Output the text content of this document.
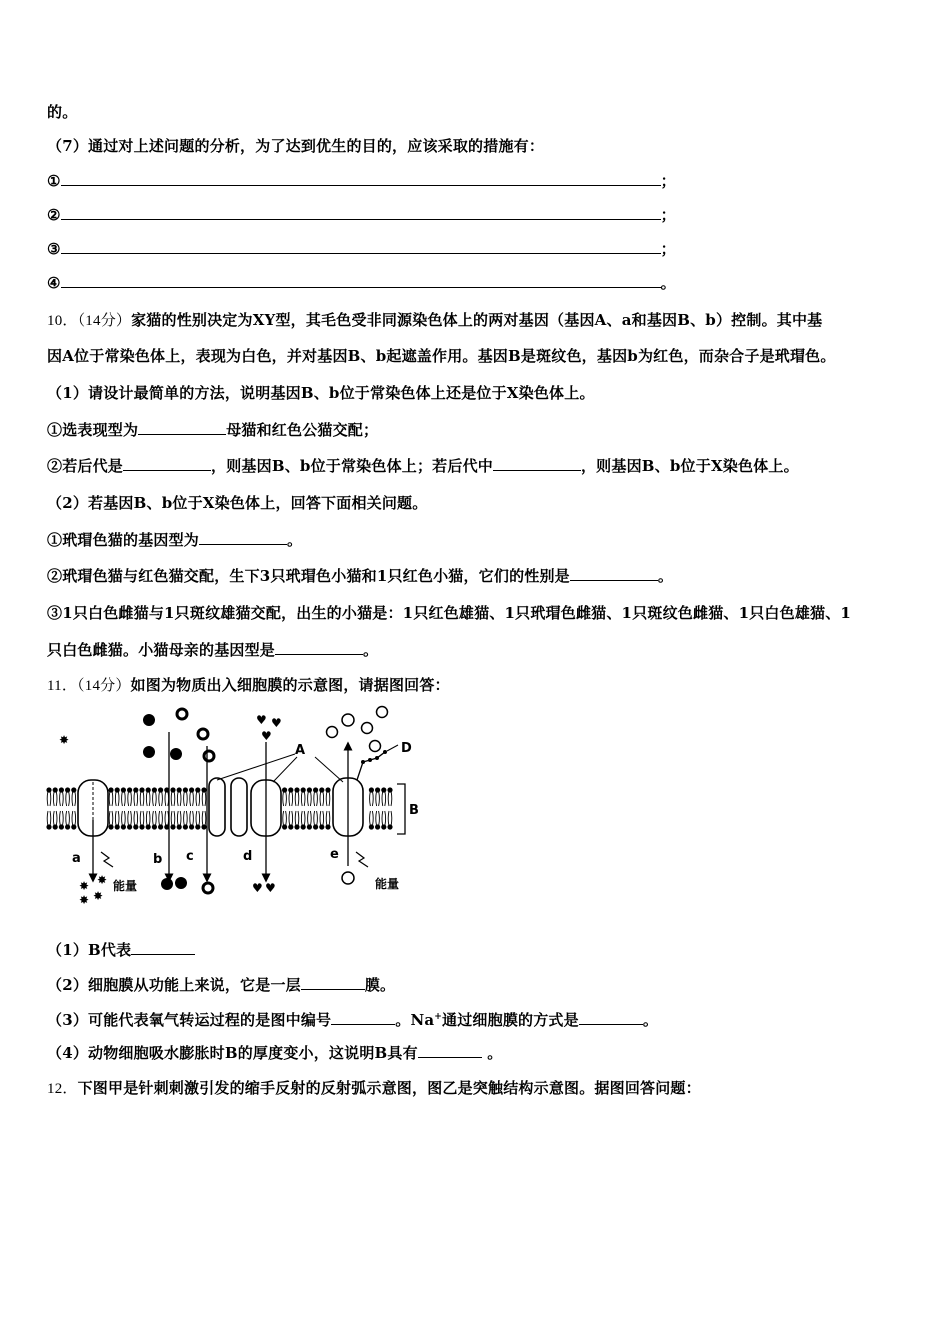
的。
（7）通过对上述问题的分析，为了达到优生的目的，应该采取的措施有：
①	；
②	；
③	；
④	。
10．（14分）家猫的性别决定为XY型，其毛色受非同源染色体上的两对基因（基因A、a和基因B、b）控制。其中基
因A位于常染色体上，表现为白色，并对基因B、b起遮盖作用。基因B是斑纹色，基因b为红色，而杂合子是玳瑁色。
（1）请设计最简单的方法，说明基因B、b位于常染色体上还是位于X染色体上。
①选表现型为	母猫和红色公猫交配；
②若后代是	，则基因B、b位于常染色体上；若后代中	，则基因B、b位于X染色体上。
（2）若基因B、b位于X染色体上，回答下面相关问题。
①玳瑁色猫的基因型为	。
②玳瑁色猫与红色猫交配，生下3只玳瑁色小猫和1只红色小猫，它们的性别是	。
③1只白色雌猫与1只斑纹雄猫交配，出生的小猫是：1只红色雄猫、1只玳瑁色雌猫、1只斑纹色雌猫、1只白色雄猫、1
只白色雌猫。小猫母亲的基因型是	。
11．（14分）如图为物质出入细胞膜的示意图，请据图回答：
✸
♥ ♥
♥
✸ ✸
✸
✸
♥ ♥
A
B
D
a	b c	d	e
能量	能量
（1）B代表
（2）细胞膜从功能上来说，它是一层	膜。
（3）可能代表氧气转运过程的是图中编号	。Na+通过细胞膜的方式是	。
（4）动物细胞吸水膨胀时B的厚度变小，这说明B具有	。
12．下图甲是针刺刺激引发的缩手反射的反射弧示意图，图乙是突触结构示意图。据图回答问题：
